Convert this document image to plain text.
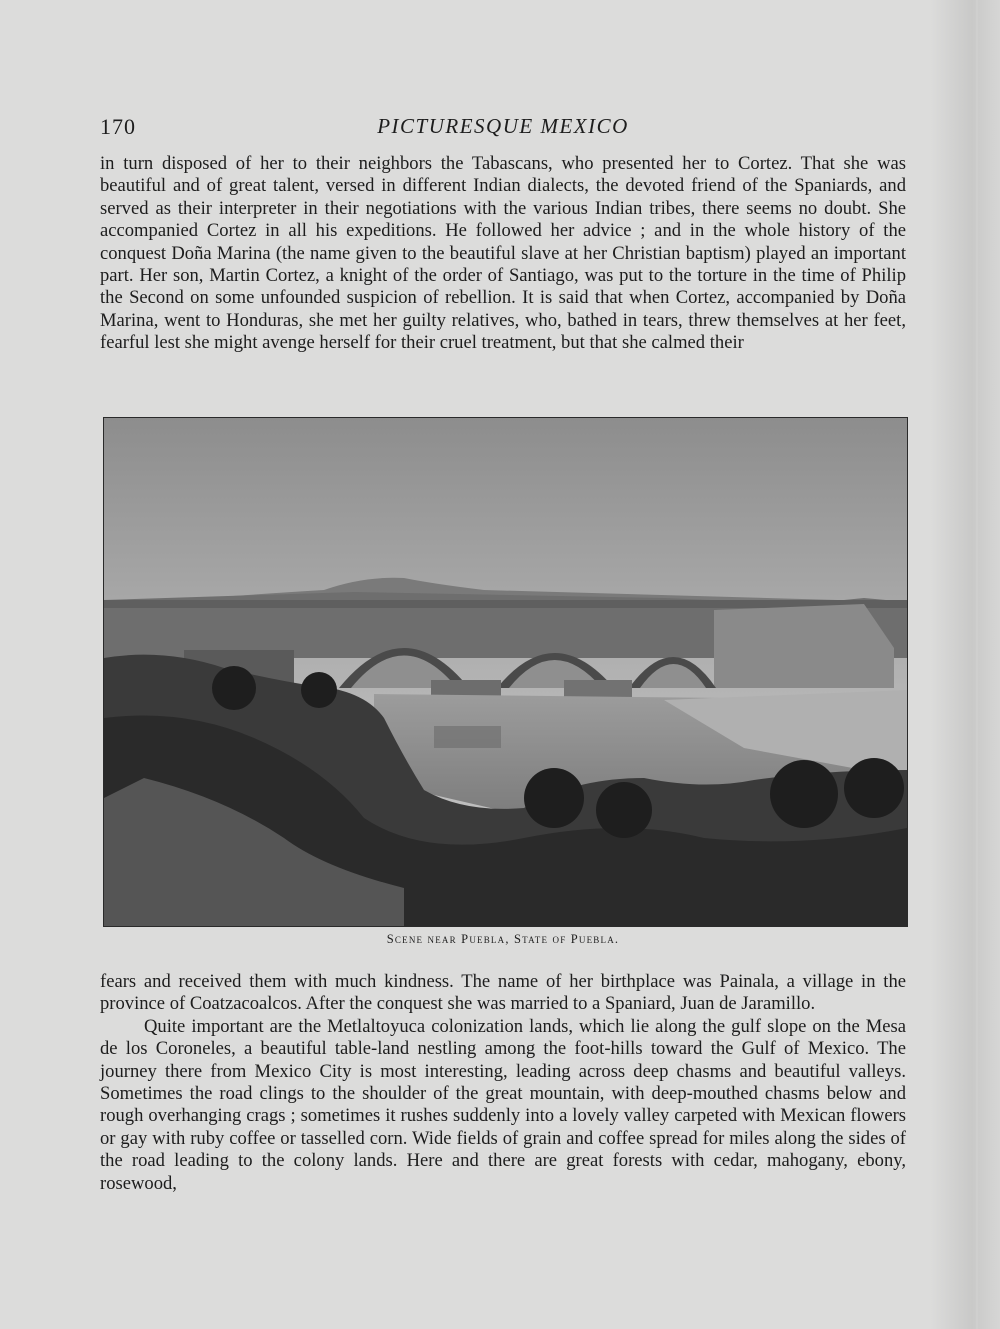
170	PICTURESQUE MEXICO

in turn disposed of her to their neighbors the Tabascans, who presented her to Cortez. That she was beautiful and of great talent, versed in different Indian dialects, the devoted friend of the Spaniards, and served as their interpreter in their negotiations with the various Indian tribes, there seems no doubt. She accompanied Cortez in all his expeditions. He followed her advice ; and in the whole history of the conquest Doña Marina (the name given to the beautiful slave at her Christian baptism) played an important part. Her son, Martin Cortez, a knight of the order of Santiago, was put to the torture in the time of Philip the Second on some unfounded suspicion of rebellion. It is said that when Cortez, accompanied by Doña Marina, went to Honduras, she met her guilty relatives, who, bathed in tears, threw themselves at her feet, fearful lest she might avenge herself for their cruel treatment, but that she calmed their

Scene near Puebla, State of Puebla.

fears and received them with much kindness. The name of her birthplace was Painala, a village in the province of Coatzacoalcos. After the conquest she was married to a Spaniard, Juan de Jaramillo.

Quite important are the Metlaltoyuca colonization lands, which lie along the gulf slope on the Mesa de los Coroneles, a beautiful table-land nestling among the foot-hills toward the Gulf of Mexico. The journey there from Mexico City is most interesting, leading across deep chasms and beautiful valleys. Sometimes the road clings to the shoulder of the great mountain, with deep-mouthed chasms below and rough overhanging crags ; sometimes it rushes suddenly into a lovely valley carpeted with Mexican flowers or gay with ruby coffee or tasselled corn. Wide fields of grain and coffee spread for miles along the sides of the road leading to the colony lands. Here and there are great forests with cedar, mahogany, ebony, rosewood,
